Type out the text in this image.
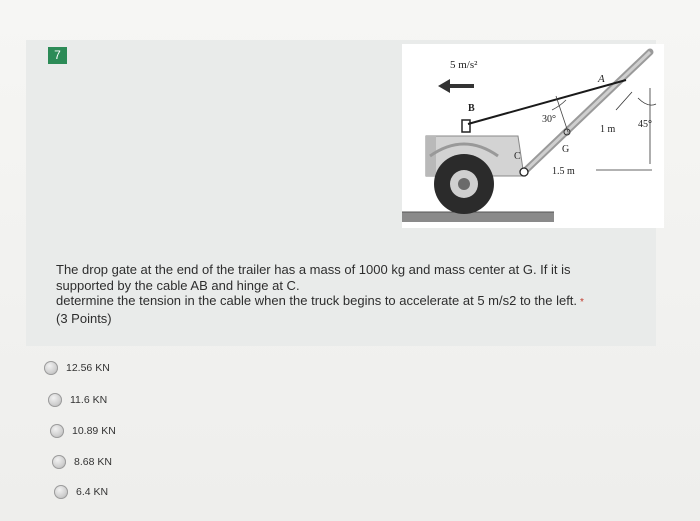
7
5 m/s²
B
A
C
G
30°	45°
1 m
1.5 m
The drop gate at the end of the trailer has a mass of 1000 kg and mass center at G. If it is
supported by the cable AB and hinge at C.
determine the tension in the cable when the truck begins to accelerate at 5 m/s2 to the left. *
(3 Points)
12.56 KN
11.6 KN
10.89 KN
8.68 KN
6.4 KN
